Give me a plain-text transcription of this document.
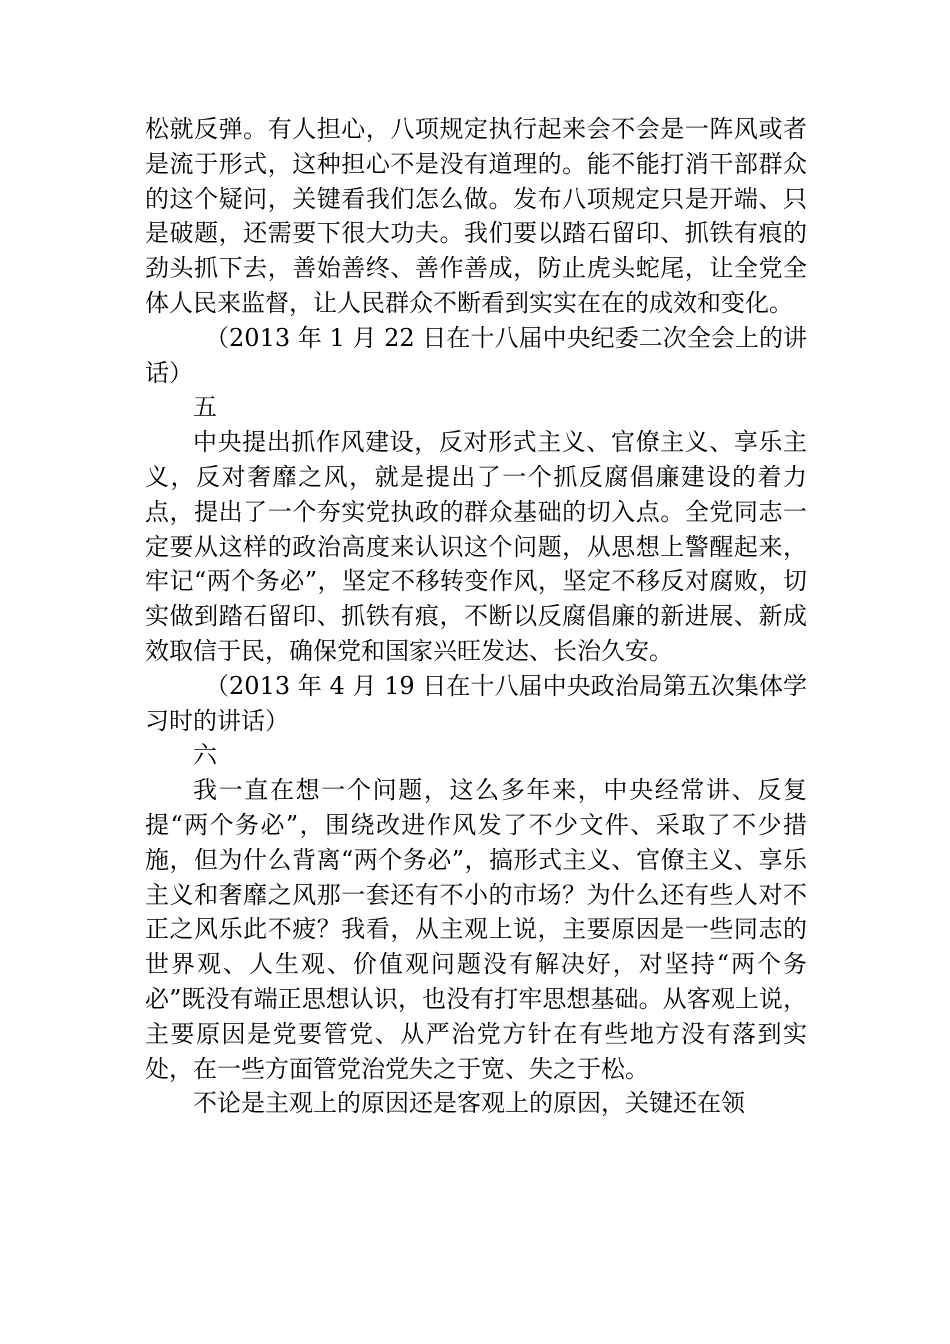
松就反弹。有人担心，八项规定执行起来会不会是一阵风或者是流于形式，这种担心不是没有道理的。能不能打消干部群众的这个疑问，关键看我们怎么做。发布八项规定只是开端、只是破题，还需要下很大功夫。我们要以踏石留印、抓铁有痕的劲头抓下去，善始善终、善作善成，防止虎头蛇尾，让全党全体人民来监督，让人民群众不断看到实实在在的成效和变化。

（2013 年 1 月 22 日在十八届中央纪委二次全会上的讲话）

五

中央提出抓作风建设，反对形式主义、官僚主义、享乐主义，反对奢靡之风，就是提出了一个抓反腐倡廉建设的着力点，提出了一个夯实党执政的群众基础的切入点。全党同志一定要从这样的政治高度来认识这个问题，从思想上警醒起来，牢记“两个务必”，坚定不移转变作风，坚定不移反对腐败，切实做到踏石留印、抓铁有痕，不断以反腐倡廉的新进展、新成效取信于民，确保党和国家兴旺发达、长治久安。

（2013 年 4 月 19 日在十八届中央政治局第五次集体学习时的讲话）

六

我一直在想一个问题，这么多年来，中央经常讲、反复提“两个务必”，围绕改进作风发了不少文件、采取了不少措施，但为什么背离“两个务必”，搞形式主义、官僚主义、享乐主义和奢靡之风那一套还有不小的市场？为什么还有些人对不正之风乐此不疲？我看，从主观上说，主要原因是一些同志的世界观、人生观、价值观问题没有解决好，对坚持“两个务必”既没有端正思想认识，也没有打牢思想基础。从客观上说，主要原因是党要管党、从严治党方针在有些地方没有落到实处，在一些方面管党治党失之于宽、失之于松。

不论是主观上的原因还是客观上的原因，关键还在领
